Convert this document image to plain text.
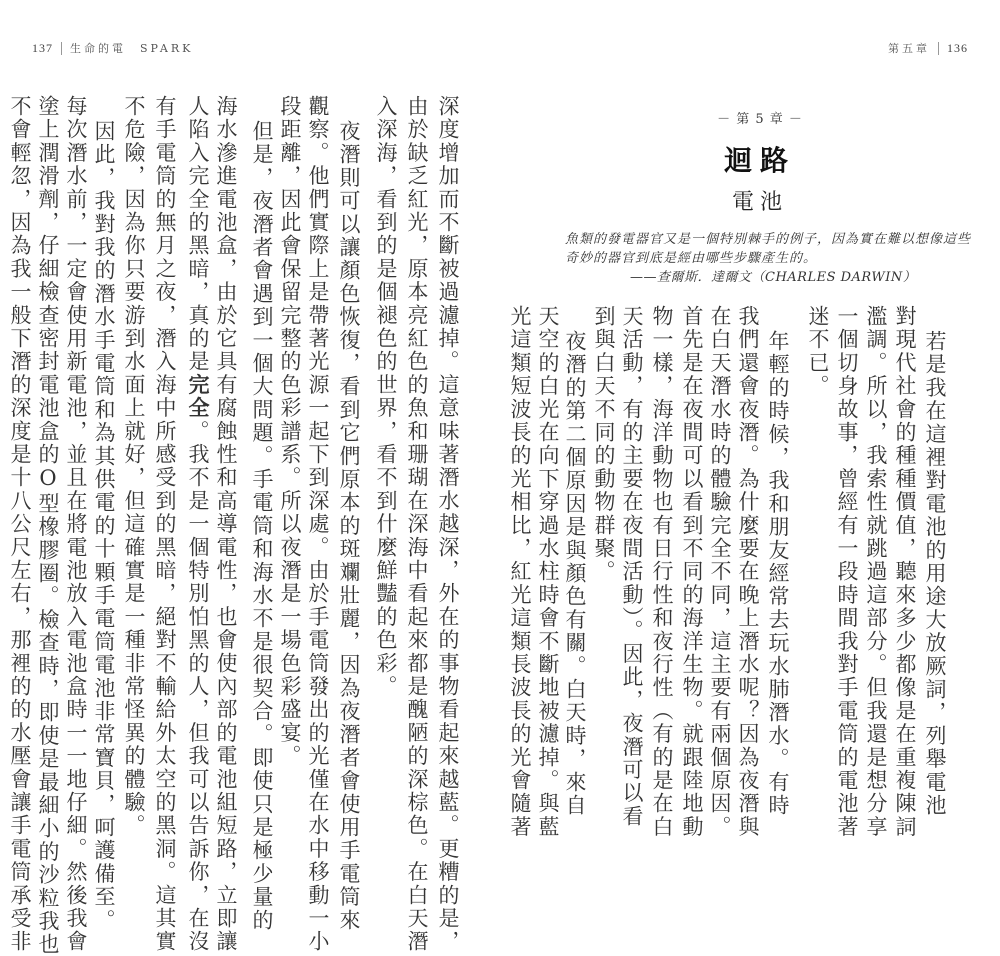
137 生命的電　SPARK
深度增加而不斷被過濾掉。這意味著潛水越深，外在的事物看起來越藍。更糟的是，
由於缺乏紅光，原本亮紅色的魚和珊瑚在深海中看起來都是醜陋的深棕色。在白天潛
入深海，看到的是個褪色的世界，看不到什麼鮮豔的色彩。
夜潛則可以讓顏色恢復，看到它們原本的斑斕壯麗，因為夜潛者會使用手電筒來
觀察。他們實際上是帶著光源一起下到深處。由於手電筒發出的光僅在水中移動一小
段距離，因此會保留完整的色彩譜系。所以夜潛是一場色彩盛宴。
但是，夜潛者會遇到一個大問題。手電筒和海水不是很契合。即使只是極少量的
海水滲進電池盒，由於它具有腐蝕性和高導電性，也會使內部的電池組短路，立即讓
人陷入完全的黑暗，真的是完全。我不是一個特別怕黑的人，但我可以告訴你，在沒
有手電筒的無月之夜，潛入海中所感受到的黑暗，絕對不輸給外太空的黑洞。這其實
不危險，因為你只要游到水面上就好，但這確實是一種非常怪異的體驗。
因此，我對我的潛水手電筒和為其供電的十顆手電筒電池非常寶貝，呵護備至。
每次潛水前，一定會使用新電池，並且在將電池放入電池盒時一一地仔細。然後我會
塗上潤滑劑，仔細檢查密封電池盒的O型橡膠圈。檢查時，即使是最細小的沙粒我也
不會輕忽，因為我一般下潛的深度是十八公尺左右，那裡的的水壓會讓手電筒承受非
第五章 136
－ 第 5 章 －
迴路
電池
魚類的發電器官又是一個特別棘手的例子，因為實在難以想像這些奇妙的器官到底是經由哪些步驟產生的。
——查爾斯．達爾文（CHARLES DARWIN）
若是我在這裡對電池的用途大放厥詞，列舉電池
對現代社會的種種價值，聽來多少都像是在重複陳詞
濫調。所以，我索性就跳過這部分。但我還是想分享
一個切身故事，曾經有一段時間我對手電筒的電池著
迷不已。
年輕的時候，我和朋友經常去玩水肺潛水。有時
我們還會夜潛。為什麼要在晚上潛水呢？因為夜潛與
在白天潛水時的體驗完全不同，這主要有兩個原因。
首先是在夜間可以看到不同的海洋生物。就跟陸地動
物一樣，海洋動物也有日行性和夜行性（有的是在白
天活動，有的主要在夜間活動）。因此，夜潛可以看
到與白天不同的動物群聚。
夜潛的第二個原因是與顏色有關。白天時，來自
天空的白光在向下穿過水柱時會不斷地被濾掉。與藍
光這類短波長的光相比，紅光這類長波長的光會隨著
